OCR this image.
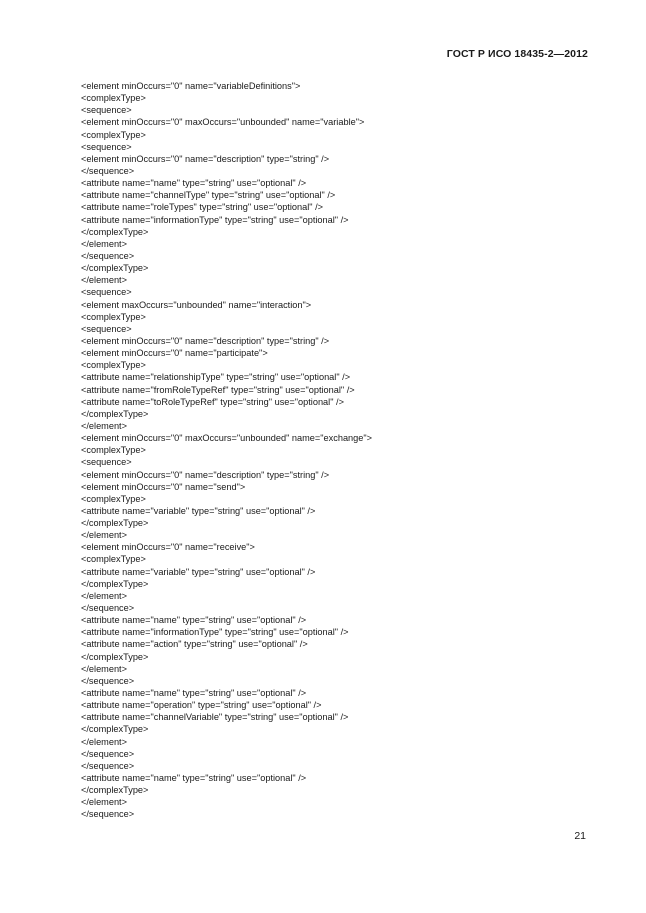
ГОСТ Р ИСО 18435-2—2012
<element minOccurs="0" name="variableDefinitions">
<complexType>
<sequence>
<element minOccurs="0" maxOccurs="unbounded" name="variable">
<complexType>
<sequence>
<element minOccurs="0" name="description" type="string" />
</sequence>
<attribute name="name" type="string" use="optional" />
<attribute name="channelType" type="string" use="optional" />
<attribute name="roleTypes" type="string" use="optional" />
<attribute name="informationType" type="string" use="optional" />
</complexType>
</element>
</sequence>
</complexType>
</element>
<sequence>
<element maxOccurs="unbounded" name="interaction">
<complexType>
<sequence>
<element minOccurs="0" name="description" type="string" />
<element minOccurs="0" name="participate">
<complexType>
<attribute name="relationshipType" type="string" use="optional" />
<attribute name="fromRoleTypeRef" type="string" use="optional" />
<attribute name="toRoleTypeRef" type="string" use="optional" />
</complexType>
</element>
<element minOccurs="0" maxOccurs="unbounded" name="exchange">
<complexType>
<sequence>
<element minOccurs="0" name="description" type="string" />
<element minOccurs="0" name="send">
<complexType>
<attribute name="variable" type="string" use="optional" />
</complexType>
</element>
<element minOccurs="0" name="receive">
<complexType>
<attribute name="variable" type="string" use="optional" />
</complexType>
</element>
</sequence>
<attribute name="name" type="string" use="optional" />
<attribute name="informationType" type="string" use="optional" />
<attribute name="action" type="string" use="optional" />
</complexType>
</element>
</sequence>
<attribute name="name" type="string" use="optional" />
<attribute name="operation" type="string" use="optional" />
<attribute name="channelVariable" type="string" use="optional" />
</complexType>
</element>
</sequence>
</sequence>
<attribute name="name" type="string" use="optional" />
</complexType>
</element>
</sequence>
21
